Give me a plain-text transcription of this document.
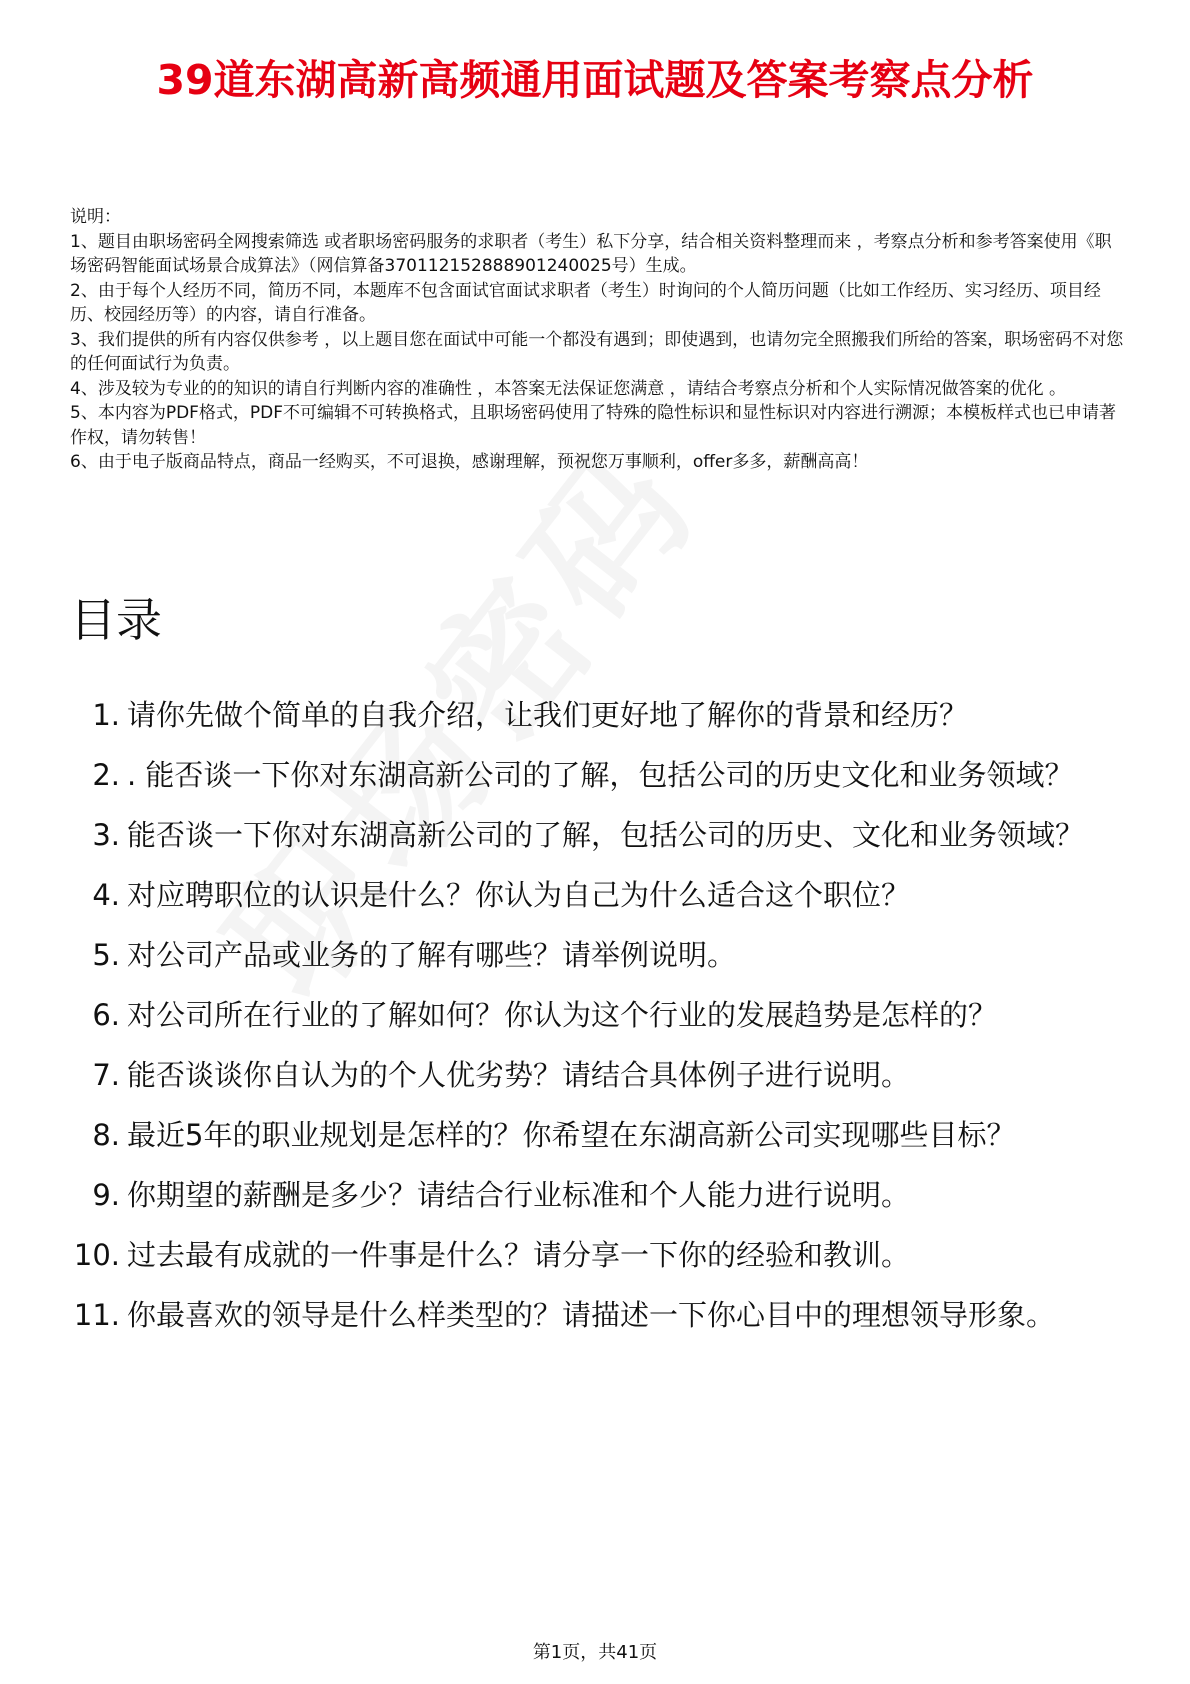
39道东湖高新高频通用面试题及答案考察点分析

说明：

1、题目由职场密码全网搜索筛选 或者职场密码服务的求职者（考生）私下分享，结合相关资料整理而来 ，考察点分析和参考答案使用《职场密码智能面试场景合成算法》（网信算备370112152888901240025号）生成。

2、由于每个人经历不同，简历不同，本题库不包含面试官面试求职者（考生）时询问的个人简历问题（比如工作经历、实习经历、项目经历、校园经历等）的内容，请自行准备。

3、我们提供的所有内容仅供参考 ，以上题目您在面试中可能一个都没有遇到；即使遇到，也请勿完全照搬我们所给的答案，职场密码不对您的任何面试行为负责。

4、涉及较为专业的的知识的请自行判断内容的准确性 ，本答案无法保证您满意 ，请结合考察点分析和个人实际情况做答案的优化 。

5、本内容为PDF格式，PDF不可编辑不可转换格式，且职场密码使用了特殊的隐性标识和显性标识对内容进行溯源；本模板样式也已申请著作权，请勿转售！

6、由于电子版商品特点，商品一经购买，不可退换，感谢理解，预祝您万事顺利，offer多多，薪酬高高！

目录
1. 请你先做个简单的自我介绍，让我们更好地了解你的背景和经历？
2. . 能否谈一下你对东湖高新公司的了解，包括公司的历史文化和业务领域？
3. 能否谈一下你对东湖高新公司的了解，包括公司的历史、文化和业务领域？
4. 对应聘职位的认识是什么？你认为自己为什么适合这个职位？
5. 对公司产品或业务的了解有哪些？请举例说明。
6. 对公司所在行业的了解如何？你认为这个行业的发展趋势是怎样的？
7. 能否谈谈你自认为的个人优劣势？请结合具体例子进行说明。
8. 最近5年的职业规划是怎样的？你希望在东湖高新公司实现哪些目标？
9. 你期望的薪酬是多少？请结合行业标准和个人能力进行说明。
10. 过去最有成就的一件事是什么？请分享一下你的经验和教训。
11. 你最喜欢的领导是什么样类型的？请描述一下你心目中的理想领导形象。
第1页，共41页
